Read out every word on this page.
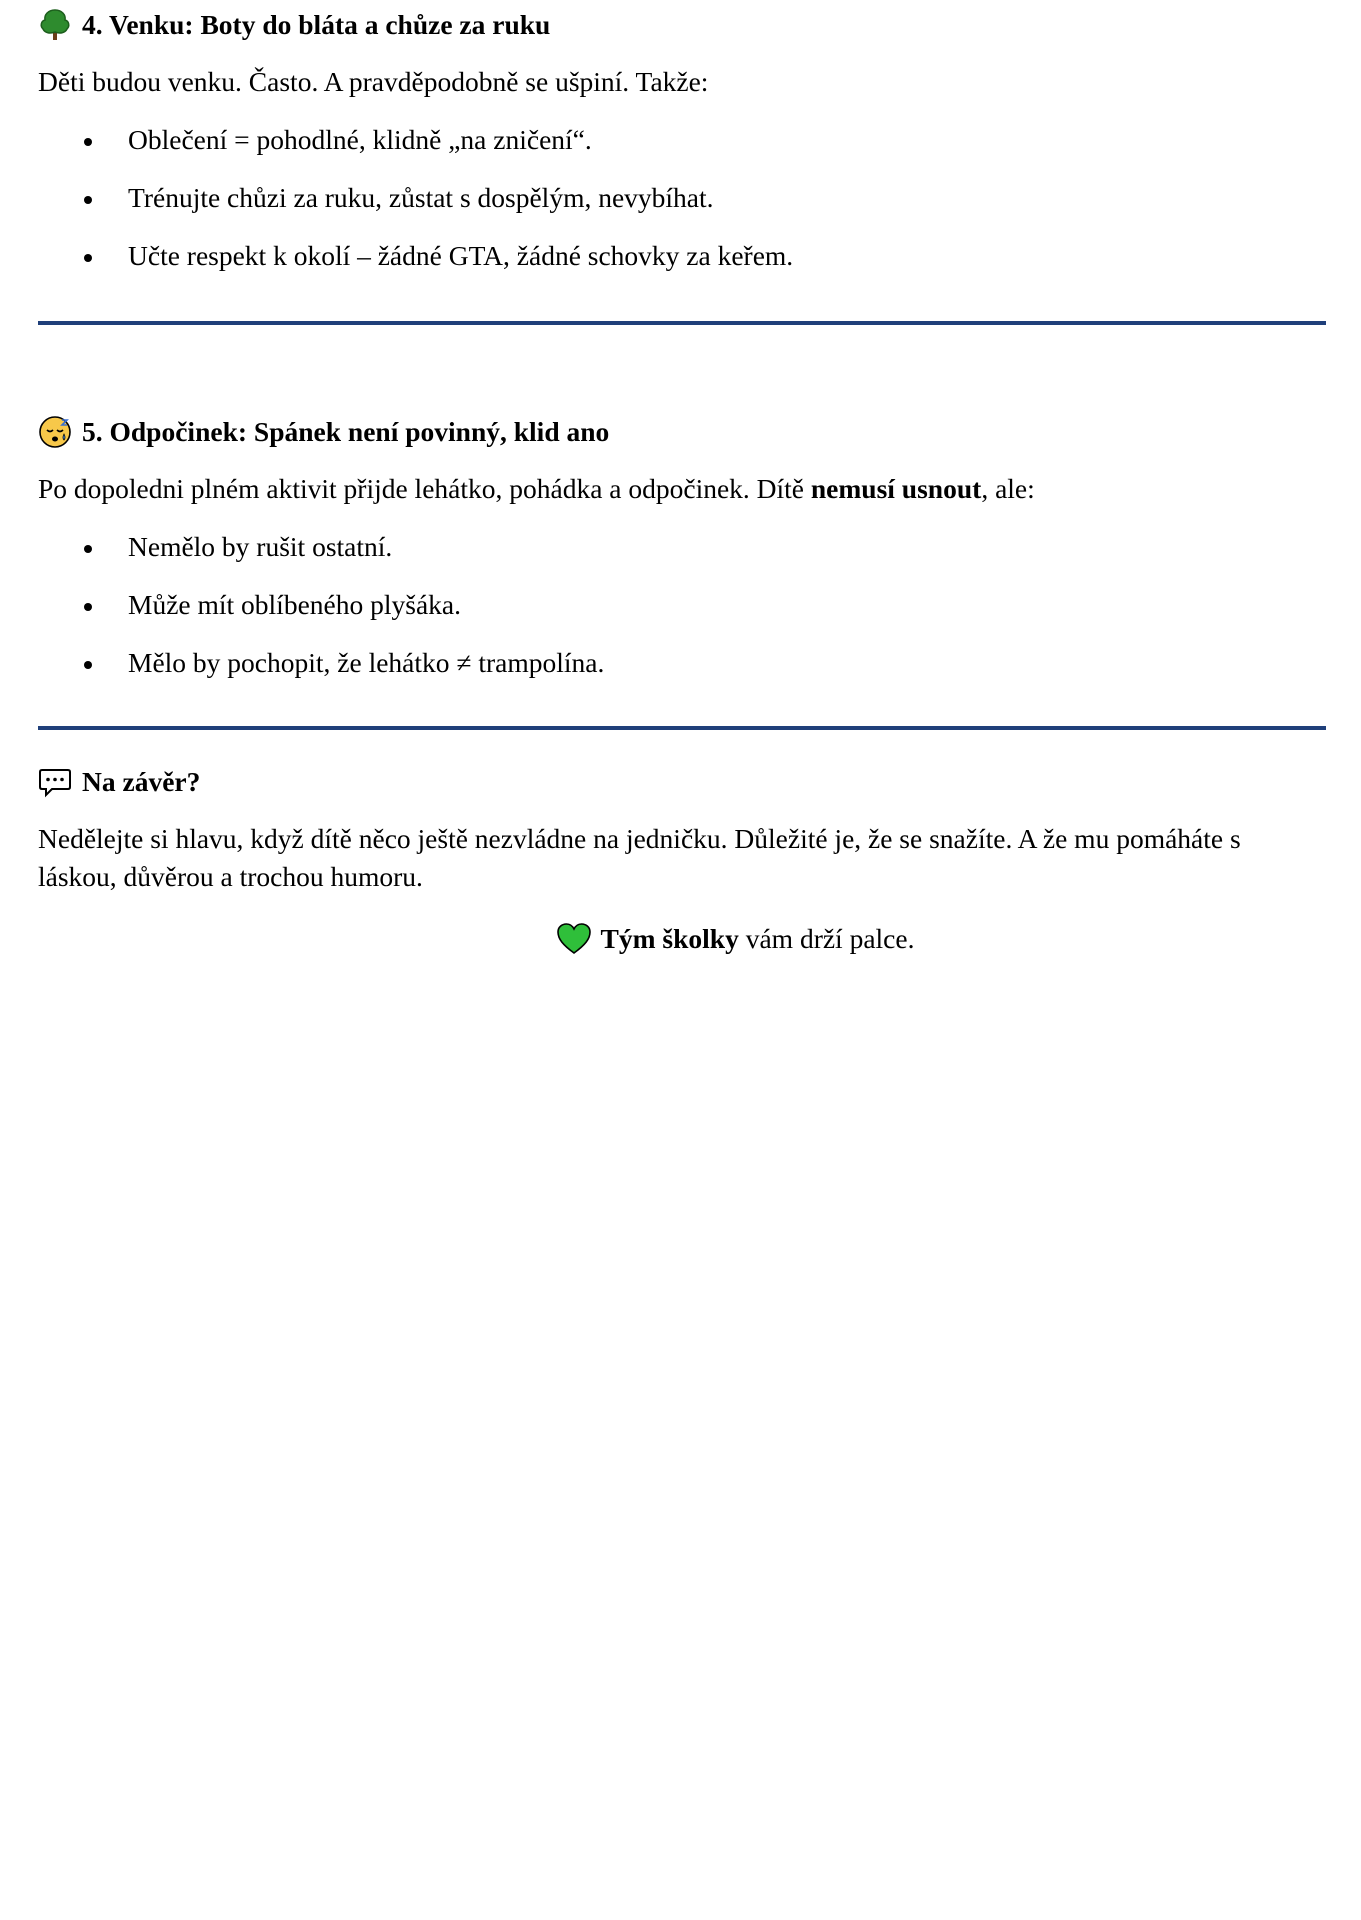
4. Venku: Boty do bláta a chůze za ruku

Děti budou venku. Často. A pravděpodobně se ušpiní. Takže:

Oblečení = pohodlné, klidně „na zničení“.
Trénujte chůzi za ruku, zůstat s dospělým, nevybíhat.
Učte respekt k okolí – žádné GTA, žádné schovky za keřem.
5. Odpočinek: Spánek není povinný, klid ano

Po dopoledni plném aktivit přijde lehátko, pohádka a odpočinek. Dítě nemusí usnout, ale:

Nemělo by rušit ostatní.
Může mít oblíbeného plyšáka.
Mělo by pochopit, že lehátko ≠ trampolína.
Na závěr?

Nedělejte si hlavu, když dítě něco ještě nezvládne na jedničku. Důležité je, že se snažíte. A že mu pomáháte s láskou, důvěrou a trochou humoru.

Tým školky vám drží palce.
